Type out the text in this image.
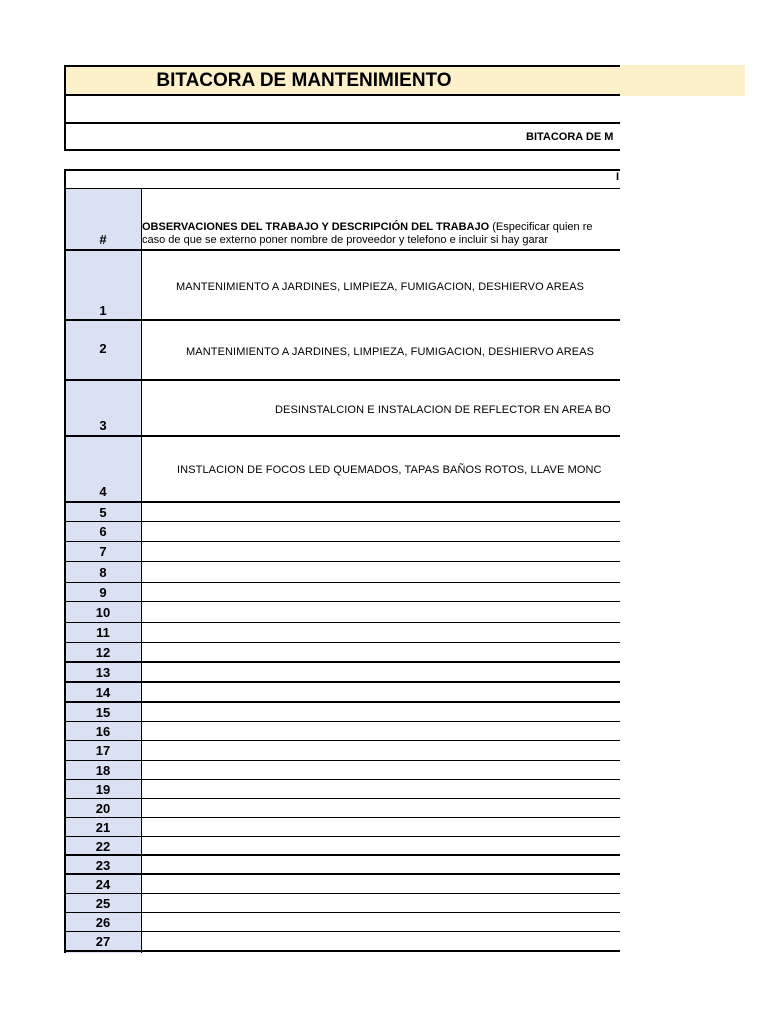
BITACORA DE MANTENIMIENTO
BITACORA DE M
I
OBSERVACIONES DEL TRABAJO Y DESCRIPCIÓN DEL TRABAJO (Especificar quien re
caso de que se externo poner nombre de proveedor y telefono e incluir si hay garar
#
MANTENIMIENTO A JARDINES, LIMPIEZA, FUMIGACION, DESHIERVO AREAS
1
MANTENIMIENTO A JARDINES, LIMPIEZA, FUMIGACION, DESHIERVO AREAS
2
DESINSTALCION E INSTALACION DE REFLECTOR EN AREA BO
3
INSTLACION DE FOCOS LED QUEMADOS, TAPAS BAÑOS ROTOS, LLAVE MONC
4
5
6
7
8
9
10
11
12
13
14
15
16
17
18
19
20
21
22
23
24
25
26
27
